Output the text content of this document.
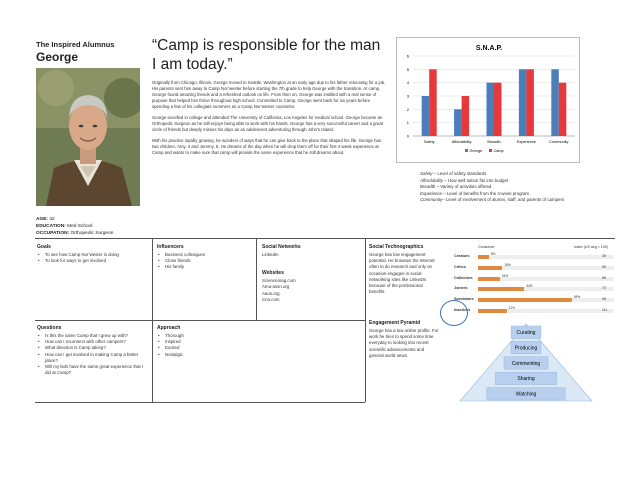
The Inspired Alumnus
George
“Camp is responsible for the man I am today.”

Originally from Chicago, Illinois, George moved to Seattle, Washington at an early age due to his father relocating for a job. His parents sent him away to Camp Nor’wester before starting the 7th grade to help George with the transition. At camp, George found amazing friends and a refreshed outlook on life. From then on, George was instilled with a real sense of purpose that helped him thrive throughout high school. Committed to Camp, George went back for six years before spending a few of his collegiate summers as a Camp Nor’wester counselor.

George excelled in college and attended The University of California, Los Angeles for medical school. George became an Orthopedic Surgeon as he still enjoys being able to work with his hands. George has a very successful career and a great circle of friends but deeply misses his days as an adolescent adventuring through John’s Island.

With his practice rapidly growing, he wonders of ways that he can give back to the place that shaped his life. George has two children, Amy, 3 and Jeremy, 5. He dreams of the day when he will drop them off for their first 4-week experience at Camp and wants to make sure that camp will provide the same experience that he still dreams about.

AGE: 42
EDUCATION: Med School
OCCUPATION: Orthopedic Surgeon
S.N.A.P.
0
1
2
3
4
5
6
Safety	Affordability	Breadth	Experience	Community
George	Camp
Safety – Level of safety standards
Affordability – How well tuition fits into budget
Breadth – Variety of activities offered
Experience – Level of benefits from the 4-week program
Community– Level of involvement of alumni, staff, and parents of campers
Goals
• To see how Camp Nor’wester is doing
• To look for ways to get involved
Influencers
• Business colleagues
• Close friends
• His family
Social Networks
LinkedIn
Websites
Sciencemag.com
Ama-assn.org
Aaos.org
Cnn.com
Questions
• Is this the same Camp that I grew up with?
• How can I reconnect with other campers?
• What direction is Camp taking?
• How can I get involved in making Camp a better place?
• Will my kids have the same great experience that I did at Camp?
Approach
• Thorough
• Inspired
• Excited
• Nostalgic
Social Technographics
George has low engagement potential. He browses the Internet often to do research and only on occasion engages in social networking sites like LinkedIn because of the professional benefits.
Consumer	Index (US avg = 100)
Creators	8%	35
Critics	18%	36
Collectors	16%	86
Joiners	34%	73
Spectators	69%	98
Inactives	21%	111
Engagement Pyramid
George has a low online profile. For work he tries to spend some time everyday to looking into recent scientific advancements and general world news.
Curating
Producing
Commenting
Sharing
Watching
